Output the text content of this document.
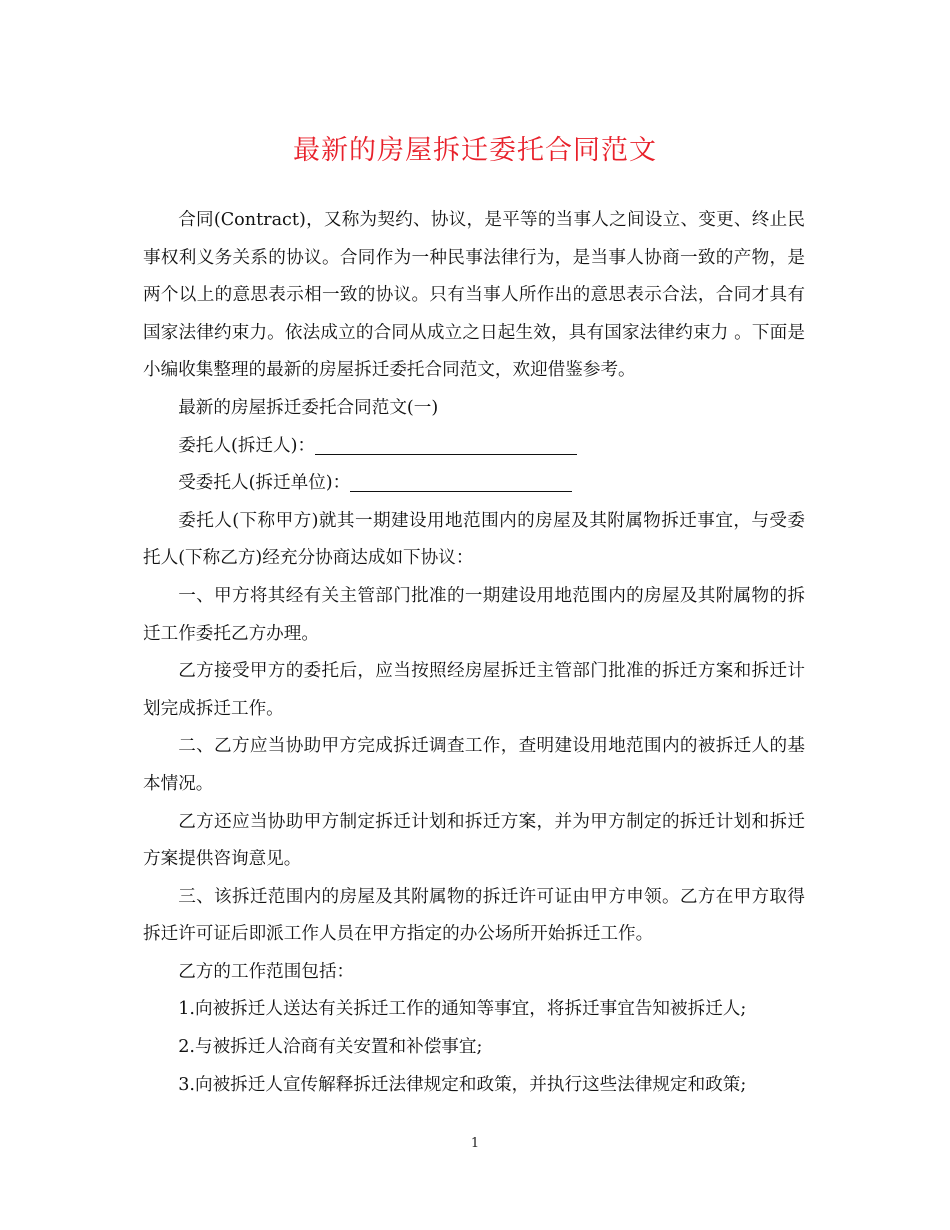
最新的房屋拆迁委托合同范文

合同(Contract)，又称为契约、协议，是平等的当事人之间设立、变更、终止民事权利义务关系的协议。合同作为一种民事法律行为，是当事人协商一致的产物，是两个以上的意思表示相一致的协议。只有当事人所作出的意思表示合法，合同才具有国家法律约束力。依法成立的合同从成立之日起生效，具有国家法律约束力 。下面是小编收集整理的最新的房屋拆迁委托合同范文，欢迎借鉴参考。

最新的房屋拆迁委托合同范文(一)

委托人(拆迁人)：

受委托人(拆迁单位)：

委托人(下称甲方)就其一期建设用地范围内的房屋及其附属物拆迁事宜，与受委托人(下称乙方)经充分协商达成如下协议：

一、甲方将其经有关主管部门批准的一期建设用地范围内的房屋及其附属物的拆迁工作委托乙方办理。

乙方接受甲方的委托后，应当按照经房屋拆迁主管部门批准的拆迁方案和拆迁计划完成拆迁工作。

二、乙方应当协助甲方完成拆迁调查工作，查明建设用地范围内的被拆迁人的基本情况。

乙方还应当协助甲方制定拆迁计划和拆迁方案，并为甲方制定的拆迁计划和拆迁方案提供咨询意见。

三、该拆迁范围内的房屋及其附属物的拆迁许可证由甲方申领。乙方在甲方取得拆迁许可证后即派工作人员在甲方指定的办公场所开始拆迁工作。

乙方的工作范围包括：

1.向被拆迁人送达有关拆迁工作的通知等事宜，将拆迁事宜告知被拆迁人;

2.与被拆迁人洽商有关安置和补偿事宜;

3.向被拆迁人宣传解释拆迁法律规定和政策，并执行这些法律规定和政策;

1
